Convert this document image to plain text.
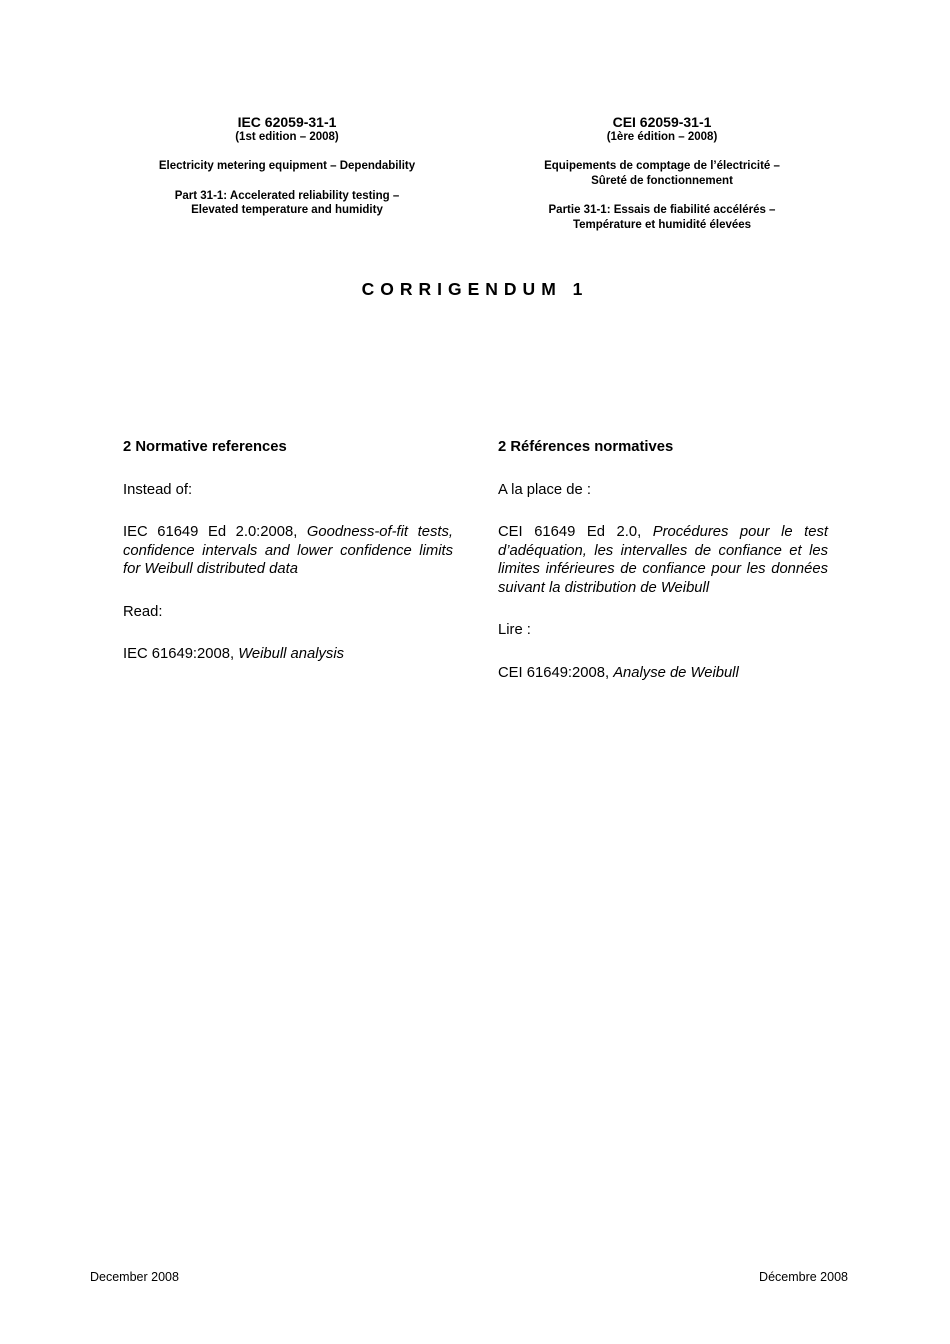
IEC 62059-31-1
(1st edition – 2008)
Electricity metering equipment – Dependability
Part 31-1: Accelerated reliability testing –
Elevated temperature and humidity
CEI 62059-31-1
(1ère édition – 2008)
Equipements de comptage de l’électricité –
Sûreté de fonctionnement
Partie 31-1: Essais de fiabilité accélérés –
Température et humidité élevées
CORRIGENDUM 1
2 Normative references

Instead of:

IEC 61649 Ed 2.0:2008, Goodness-of-fit tests, confidence intervals and lower confidence limits for Weibull distributed data

Read:

IEC 61649:2008, Weibull analysis

2 Références normatives

A la place de :

CEI 61649 Ed 2.0, Procédures pour le test d’adéquation, les intervalles de confiance et les limites inférieures de confiance pour les données suivant la distribution de Weibull

Lire :

CEI 61649:2008, Analyse de Weibull

December 2008	Décembre 2008
